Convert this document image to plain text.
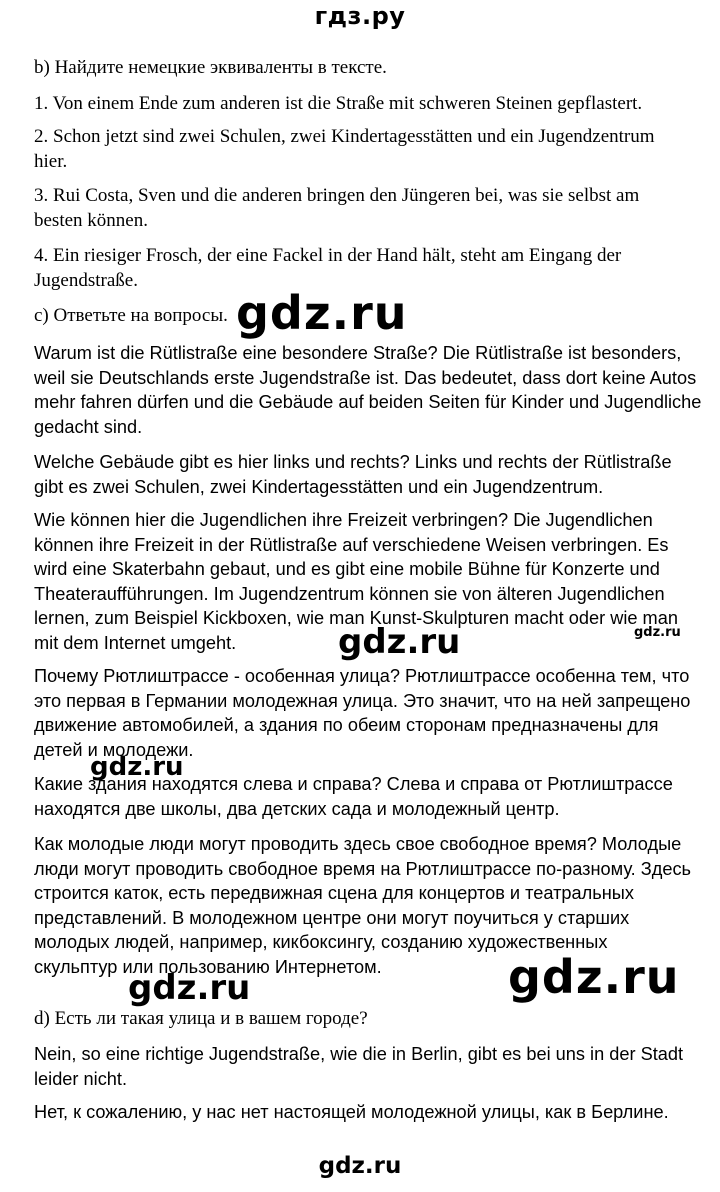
гдз.ру

b) Найдите немецкие эквиваленты в тексте.

1. Von einem Ende zum anderen ist die Straße mit schweren Steinen gepflastert.

2. Schon jetzt sind zwei Schulen, zwei Kindertagesstätten und ein Jugendzentrum
hier.

3. Rui Costa, Sven und die anderen bringen den Jüngeren bei, was sie selbst am
besten können.

4. Ein riesiger Frosch, der eine Fackel in der Hand hält, steht am Eingang der
Jugendstraße.

c) Ответьте на вопросы.

Warum ist die Rütlistraße eine besondere Straße? Die Rütlistraße ist besonders,
weil sie Deutschlands erste Jugendstraße ist. Das bedeutet, dass dort keine Autos
mehr fahren dürfen und die Gebäude auf beiden Seiten für Kinder und Jugendliche
gedacht sind.

Welche Gebäude gibt es hier links und rechts? Links und rechts der Rütlistraße
gibt es zwei Schulen, zwei Kindertagesstätten und ein Jugendzentrum.

Wie können hier die Jugendlichen ihre Freizeit verbringen? Die Jugendlichen
können ihre Freizeit in der Rütlistraße auf verschiedene Weisen verbringen. Es
wird eine Skaterbahn gebaut, und es gibt eine mobile Bühne für Konzerte und
Theateraufführungen. Im Jugendzentrum können sie von älteren Jugendlichen
lernen, zum Beispiel Kickboxen, wie man Kunst-Skulpturen macht oder wie man
mit dem Internet umgeht.

Почему Рютлиштрассе - особенная улица? Рютлиштрассе особенна тем, что
это первая в Германии молодежная улица. Это значит, что на ней запрещено
движение автомобилей, а здания по обеим сторонам предназначены для
детей и молодежи.

Какие здания находятся слева и справа? Слева и справа от Рютлиштрассе
находятся две школы, два детских сада и молодежный центр.

Как молодые люди могут проводить здесь свое свободное время? Молодые
люди могут проводить свободное время на Рютлиштрассе по-разному. Здесь
строится каток, есть передвижная сцена для концертов и театральных
представлений. В молодежном центре они могут поучиться у старших
молодых людей, например, кикбоксингу, созданию художественных
скульптур или пользованию Интернетом.

d) Есть ли такая улица и в вашем городе?

Nein, so eine richtige Jugendstraße, wie die in Berlin, gibt es bei uns in der Stadt
leider nicht.

Нет, к сожалению, у нас нет настоящей молодежной улицы, как в Берлине.

gdz.ru
gdz.ru	gdz.ru
gdz.ru
gdz.ru
gdz.ru
gdz.ru
